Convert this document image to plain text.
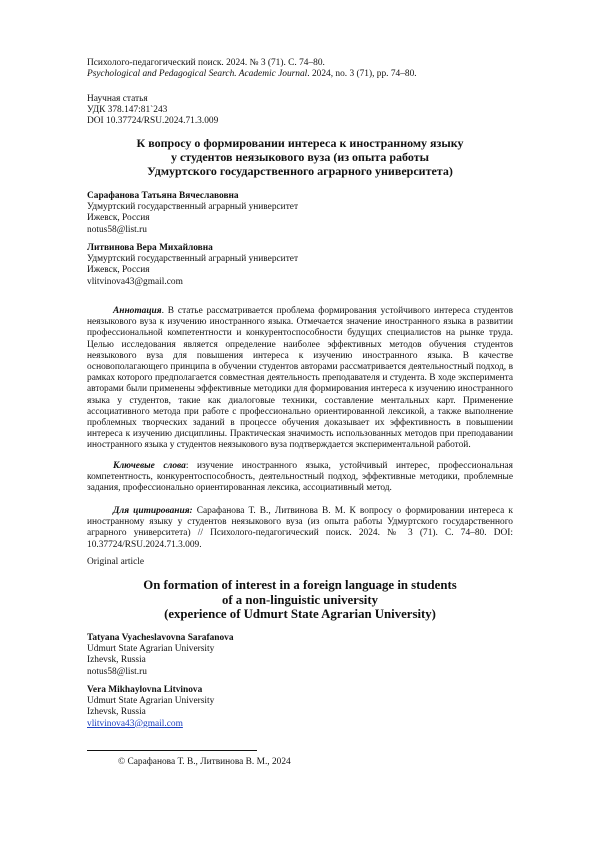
Психолого-педагогический поиск. 2024. № 3 (71). С. 74–80.
Psychological and Pedagogical Search. Academic Journal. 2024, no. 3 (71), pp. 74–80.
Научная статья
УДК 378.147:81`243
DOI 10.37724/RSU.2024.71.3.009
К вопросу о формировании интереса к иностранному языку
у студентов неязыкового вуза (из опыта работы
Удмуртского государственного аграрного университета)
Сарафанова Татьяна Вячеславовна
Удмуртский государственный аграрный университет
Ижевск, Россия
notus58@list.ru
Литвинова Вера Михайловна
Удмуртский государственный аграрный университет
Ижевск, Россия
vlitvinova43@gmail.com
Аннотация. В статье рассматривается проблема формирования устойчивого интереса студентов неязыкового вуза к изучению иностранного языка. Отмечается значение иностранного языка в развитии профессиональной компетентности и конкурентоспособности будущих специалистов на рынке труда. Целью исследования является определение наиболее эффективных методов обучения студентов неязыкового вуза для повышения интереса к изучению иностранного языка. В качестве основополагающего принципа в обучении студентов авторами рассматривается деятельностный подход, в рамках которого предполагается совместная деятельность преподавателя и студента. В ходе эксперимента авторами были применены эффективные методики для формирования интереса к изучению иностранного языка у студентов, такие как диалоговые техники, составление ментальных карт. Применение ассоциативного метода при работе с профессионально ориентированной лексикой, а также выполнение проблемных творческих заданий в процессе обучения доказывает их эффективность в повышении интереса к изучению дисциплины. Практическая значимость использованных методов при преподавании иностранного языка у студентов неязыкового вуза подтверждается экспериментальной работой.
Ключевые слова: изучение иностранного языка, устойчивый интерес, профессиональная компетентность, конкурентоспособность, деятельностный подход, эффективные методики, проблемные задания, профессионально ориентированная лексика, ассоциативный метод.
Для цитирования: Сарафанова Т. В., Литвинова В. М. К вопросу о формировании интереса к иностранному языку у студентов неязыкового вуза (из опыта работы Удмуртского государственного аграрного университета) // Психолого-педагогический поиск. 2024. № 3 (71). С. 74–80. DOI: 10.37724/RSU.2024.71.3.009.
Original article
On formation of interest in a foreign language in students
of a non-linguistic university
(experience of Udmurt State Agrarian University)
Tatyana Vyacheslavovna Sarafanova
Udmurt State Agrarian University
Izhevsk, Russia
notus58@list.ru
Vera Mikhaylovna Litvinova
Udmurt State Agrarian University
Izhevsk, Russia
vlitvinova43@gmail.com
© Сарафанова Т. В., Литвинова В. М., 2024
